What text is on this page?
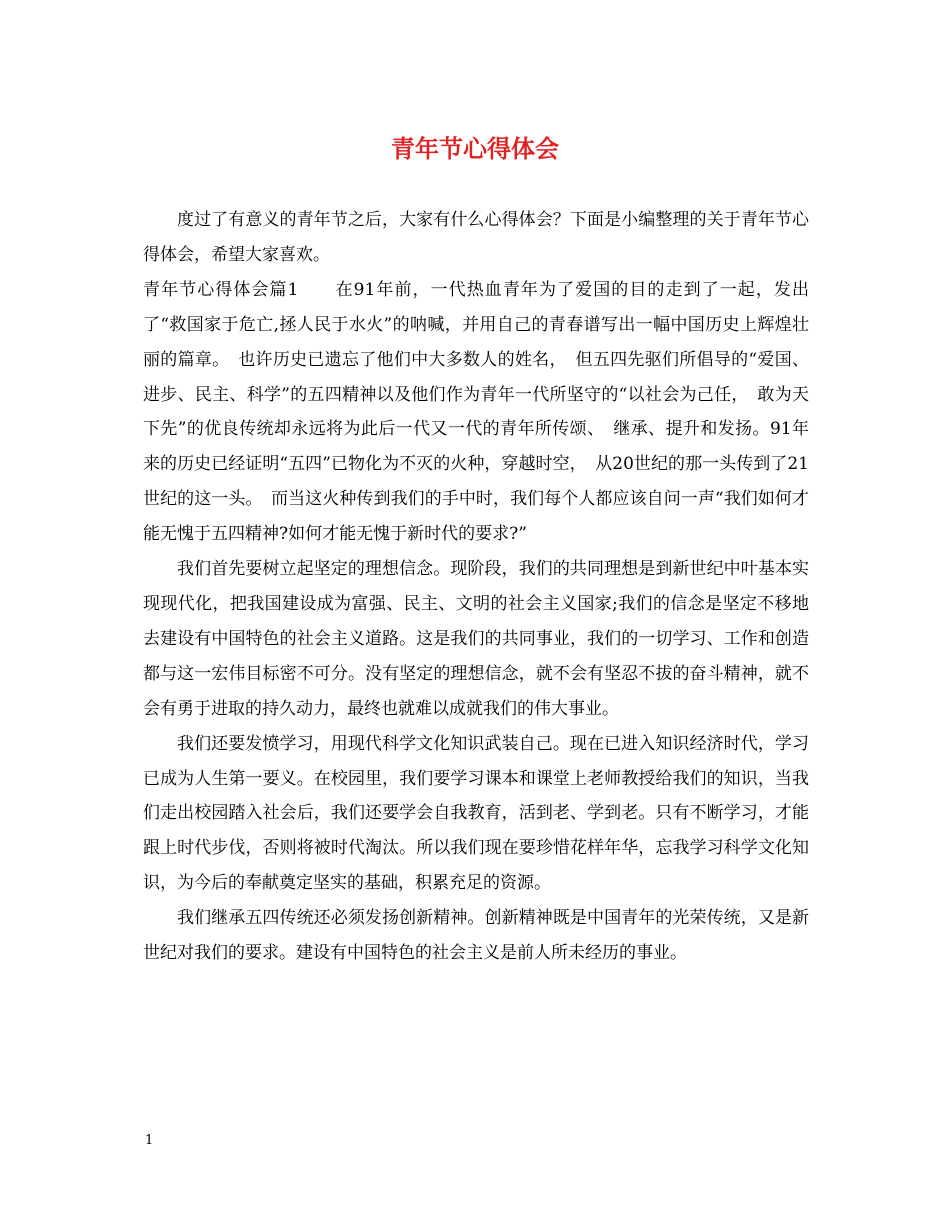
青年节心得体会

度过了有意义的青年节之后，大家有什么心得体会？下面是小编整理的关于青年节心得体会，希望大家喜欢。

青年节心得体会篇1　　在91年前，一代热血青年为了爱国的目的走到了一起，发出了“救国家于危亡,拯人民于水火”的呐喊，并用自己的青春谱写出一幅中国历史上辉煌壮丽的篇章。　也许历史已遗忘了他们中大多数人的姓名，　但五四先驱们所倡导的“爱国、进步、民主、科学”的五四精神以及他们作为青年一代所坚守的“以社会为己任，　敢为天下先”的优良传统却永远将为此后一代又一代的青年所传颂、　继承、提升和发扬。91年来的历史已经证明“五四”已物化为不灭的火种，穿越时空，　从20世纪的那一头传到了21世纪的这一头。　而当这火种传到我们的手中时，我们每个人都应该自问一声“我们如何才能无愧于五四精神?如何才能无愧于新时代的要求?”

我们首先要树立起坚定的理想信念。现阶段，我们的共同理想是到新世纪中叶基本实现现代化，把我国建设成为富强、民主、文明的社会主义国家;我们的信念是坚定不移地去建设有中国特色的社会主义道路。这是我们的共同事业，我们的一切学习、工作和创造都与这一宏伟目标密不可分。没有坚定的理想信念，就不会有坚忍不拔的奋斗精神，就不会有勇于进取的持久动力，最终也就难以成就我们的伟大事业。

我们还要发愤学习，用现代科学文化知识武装自己。现在已进入知识经济时代，学习已成为人生第一要义。在校园里，我们要学习课本和课堂上老师教授给我们的知识，当我们走出校园踏入社会后，我们还要学会自我教育，活到老、学到老。只有不断学习，才能跟上时代步伐，否则将被时代淘汰。所以我们现在要珍惜花样年华，忘我学习科学文化知识，为今后的奉献奠定坚实的基础，积累充足的资源。

我们继承五四传统还必须发扬创新精神。创新精神既是中国青年的光荣传统，又是新世纪对我们的要求。建设有中国特色的社会主义是前人所未经历的事业。

1
